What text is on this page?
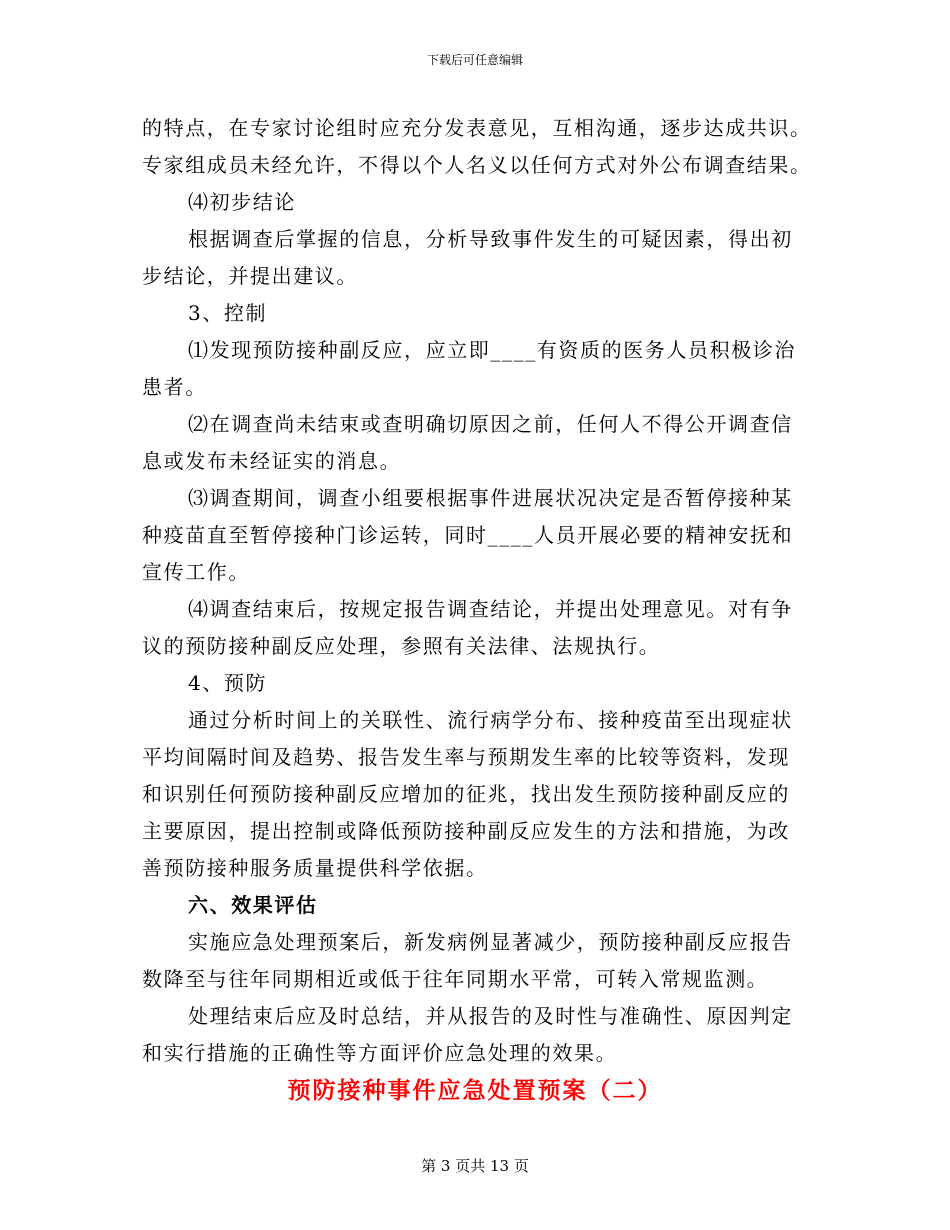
下载后可任意编辑

的特点，在专家讨论组时应充分发表意见，互相沟通，逐步达成共识。

专家组成员未经允许，不得以个人名义以任何方式对外公布调查结果。

⑷初步结论

根据调查后掌握的信息，分析导致事件发生的可疑因素，得出初

步结论，并提出建议。

3、控制

⑴发现预防接种副反应，应立即____有资质的医务人员积极诊治

患者。

⑵在调查尚未结束或查明确切原因之前，任何人不得公开调查信

息或发布未经证实的消息。

⑶调查期间，调查小组要根据事件进展状况决定是否暂停接种某

种疫苗直至暂停接种门诊运转，同时____人员开展必要的精神安抚和

宣传工作。

⑷调查结束后，按规定报告调查结论，并提出处理意见。对有争

议的预防接种副反应处理，参照有关法律、法规执行。

4、预防

通过分析时间上的关联性、流行病学分布、接种疫苗至出现症状

平均间隔时间及趋势、报告发生率与预期发生率的比较等资料，发现

和识别任何预防接种副反应增加的征兆，找出发生预防接种副反应的

主要原因，提出控制或降低预防接种副反应发生的方法和措施，为改

善预防接种服务质量提供科学依据。

六、效果评估

实施应急处理预案后，新发病例显著减少，预防接种副反应报告

数降至与往年同期相近或低于往年同期水平常，可转入常规监测。

处理结束后应及时总结，并从报告的及时性与准确性、原因判定

和实行措施的正确性等方面评价应急处理的效果。

预防接种事件应急处置预案（二）
第 3 页共 13 页
